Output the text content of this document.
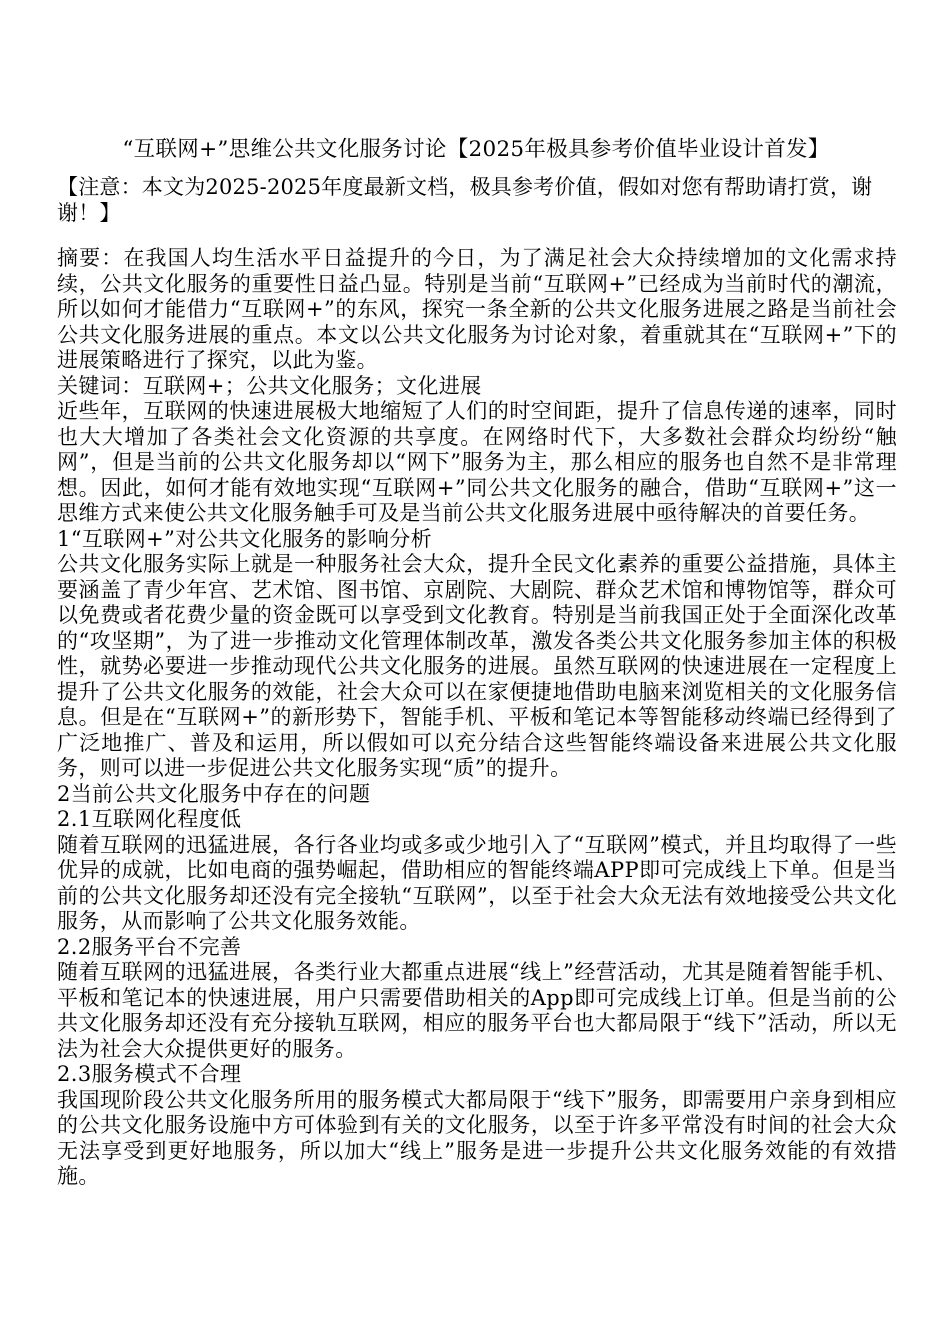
“互联网+”思维公共文化服务讨论【2025年极具参考价值毕业设计首发】

【注意：本文为2025-2025年度最新文档，极具参考价值，假如对您有帮助请打赏，谢谢！】

摘要：在我国人均生活水平日益提升的今日，为了满足社会大众持续增加的文化需求持续，公共文化服务的重要性日益凸显。特别是当前“互联网+”已经成为当前时代的潮流，所以如何才能借力“互联网+”的东风，探究一条全新的公共文化服务进展之路是当前社会公共文化服务进展的重点。本文以公共文化服务为讨论对象，着重就其在“互联网+”下的进展策略进行了探究，以此为鉴。

关键词：互联网+；公共文化服务；文化进展

近些年，互联网的快速进展极大地缩短了人们的时空间距，提升了信息传递的速率，同时也大大增加了各类社会文化资源的共享度。在网络时代下，大多数社会群众均纷纷“触网”，但是当前的公共文化服务却以“网下”服务为主，那么相应的服务也自然不是非常理想。因此，如何才能有效地实现“互联网+”同公共文化服务的融合，借助“互联网+”这一思维方式来使公共文化服务触手可及是当前公共文化服务进展中亟待解决的首要任务。

1“互联网+”对公共文化服务的影响分析

公共文化服务实际上就是一种服务社会大众，提升全民文化素养的重要公益措施，具体主要涵盖了青少年宫、艺术馆、图书馆、京剧院、大剧院、群众艺术馆和博物馆等，群众可以免费或者花费少量的资金既可以享受到文化教育。特别是当前我国正处于全面深化改革的“攻坚期”，为了进一步推动文化管理体制改革，激发各类公共文化服务参加主体的积极性，就势必要进一步推动现代公共文化服务的进展。虽然互联网的快速进展在一定程度上提升了公共文化服务的效能，社会大众可以在家便捷地借助电脑来浏览相关的文化服务信息。但是在“互联网+”的新形势下，智能手机、平板和笔记本等智能移动终端已经得到了广泛地推广、普及和运用，所以假如可以充分结合这些智能终端设备来进展公共文化服务，则可以进一步促进公共文化服务实现“质”的提升。

2当前公共文化服务中存在的问题

2.1互联网化程度低

随着互联网的迅猛进展，各行各业均或多或少地引入了“互联网”模式，并且均取得了一些优异的成就，比如电商的强势崛起，借助相应的智能终端APP即可完成线上下单。但是当前的公共文化服务却还没有完全接轨“互联网”，以至于社会大众无法有效地接受公共文化服务，从而影响了公共文化服务效能。

2.2服务平台不完善

随着互联网的迅猛进展，各类行业大都重点进展“线上”经营活动，尤其是随着智能手机、平板和笔记本的快速进展，用户只需要借助相关的App即可完成线上订单。但是当前的公共文化服务却还没有充分接轨互联网，相应的服务平台也大都局限于“线下”活动，所以无法为社会大众提供更好的服务。

2.3服务模式不合理

我国现阶段公共文化服务所用的服务模式大都局限于“线下”服务，即需要用户亲身到相应的公共文化服务设施中方可体验到有关的文化服务，以至于许多平常没有时间的社会大众无法享受到更好地服务，所以加大“线上”服务是进一步提升公共文化服务效能的有效措施。
